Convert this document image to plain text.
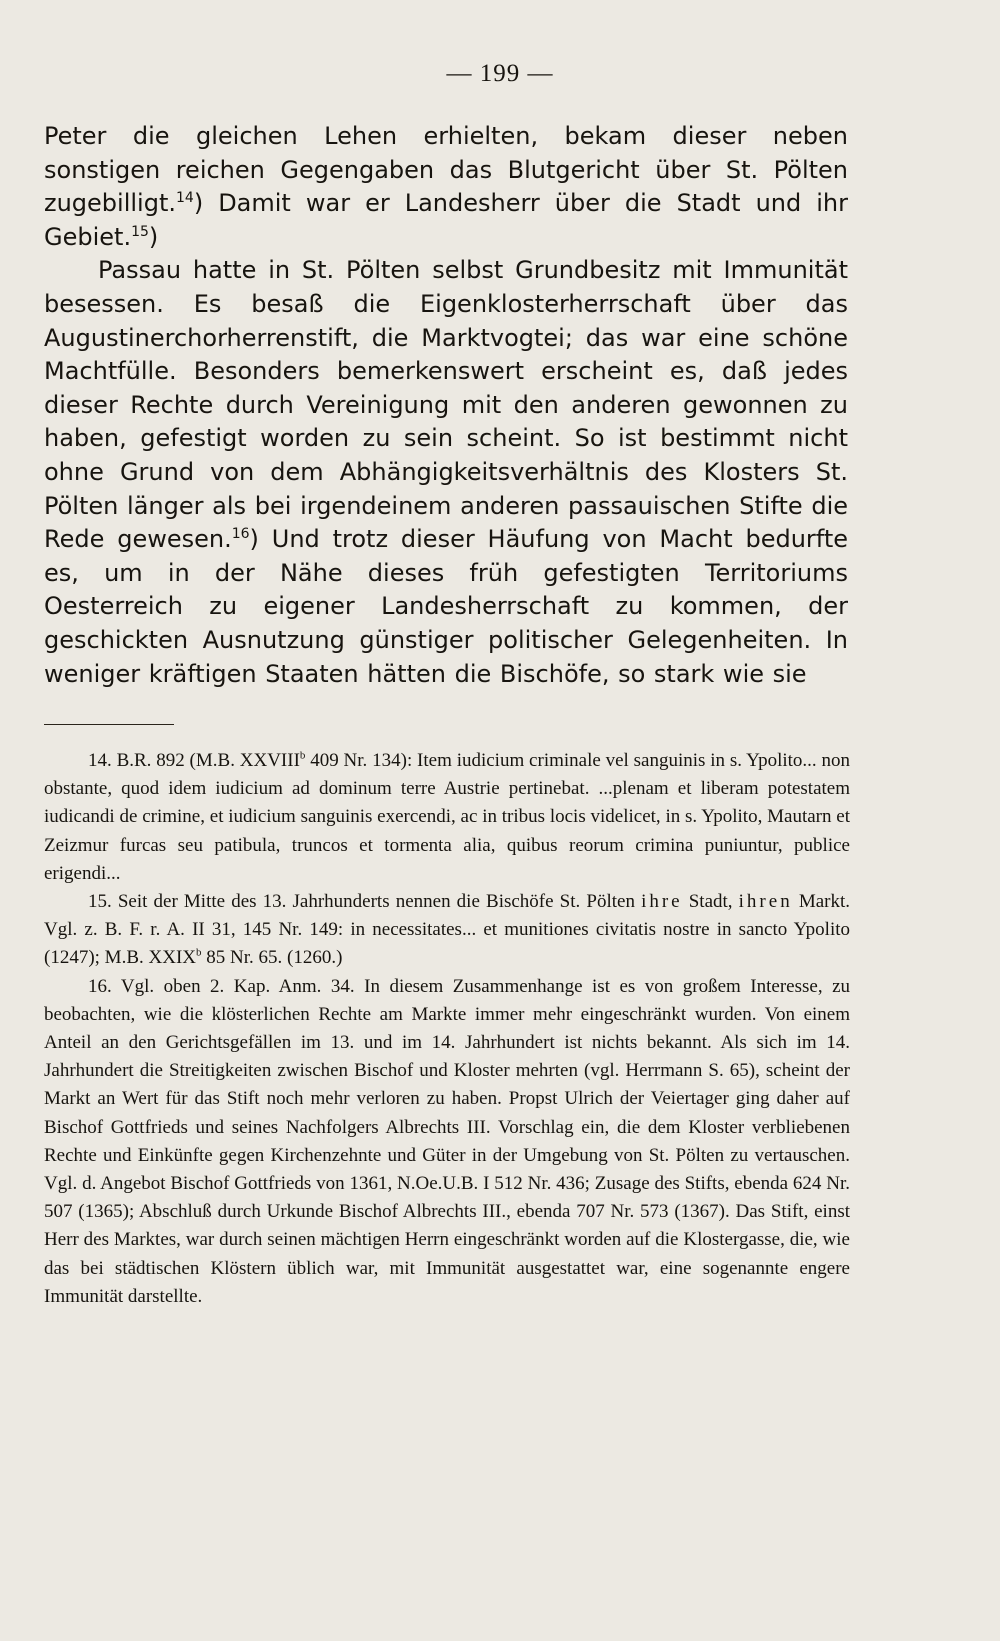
— 199 —

Peter die gleichen Lehen erhielten, bekam dieser neben sonstigen reichen Gegengaben das Blutgericht über St. Pölten zugebilligt.$^{14}$) Damit war er Landesherr über die Stadt und ihr Gebiet.$^{15}$)

Passau hatte in St. Pölten selbst Grundbesitz mit Immunität besessen. Es besaß die Eigenklosterherrschaft über das Augustinerchorherrenstift, die Marktvogtei; das war eine schöne Machtfülle. Besonders bemerkenswert erscheint es, daß jedes dieser Rechte durch Vereinigung mit den anderen gewonnen zu haben, gefestigt worden zu sein scheint. So ist bestimmt nicht ohne Grund von dem Abhängigkeitsverhältnis des Klosters St. Pölten länger als bei irgendeinem anderen passauischen Stifte die Rede gewesen.$^{16}$) Und trotz dieser Häufung von Macht bedurfte es, um in der Nähe dieses früh gefestigten Territoriums Oesterreich zu eigener Landesherrschaft zu kommen, der geschickten Ausnutzung günstiger politischer Gelegenheiten. In weniger kräftigen Staaten hätten die Bischöfe, so stark wie sie

14. B.R. 892 (M.B. XXVIII$^b$ 409 Nr. 134): Item iudicium criminale vel sanguinis in s. Ypolito... non obstante, quod idem iudicium ad dominum terre Austrie pertinebat. ...plenam et liberam potestatem iudicandi de crimine, et iudicium sanguinis exercendi, ac in tribus locis videlicet, in s. Ypolito, Mautarn et Zeizmur furcas seu patibula, truncos et tormenta alia, quibus reorum crimina puniuntur, publice erigendi...

15. Seit der Mitte des 13. Jahrhunderts nennen die Bischöfe St. Pölten ihre Stadt, ihren Markt. Vgl. z. B. F. r. A. II 31, 145 Nr. 149: in necessitates... et munitiones civitatis nostre in sancto Ypolito (1247); M.B. XXIX$^b$ 85 Nr. 65. (1260.)

16. Vgl. oben 2. Kap. Anm. 34. In diesem Zusammenhange ist es von großem Interesse, zu beobachten, wie die klösterlichen Rechte am Markte immer mehr eingeschränkt wurden. Von einem Anteil an den Gerichtsgefällen im 13. und im 14. Jahrhundert ist nichts bekannt. Als sich im 14. Jahrhundert die Streitigkeiten zwischen Bischof und Kloster mehrten (vgl. Herrmann S. 65), scheint der Markt an Wert für das Stift noch mehr verloren zu haben. Propst Ulrich der Veiertager ging daher auf Bischof Gottfrieds und seines Nachfolgers Albrechts III. Vorschlag ein, die dem Kloster verbliebenen Rechte und Einkünfte gegen Kirchenzehnte und Güter in der Umgebung von St. Pölten zu vertauschen. Vgl. d. Angebot Bischof Gottfrieds von 1361, N.Oe.U.B. I 512 Nr. 436; Zusage des Stifts, ebenda 624 Nr. 507 (1365); Abschluß durch Urkunde Bischof Albrechts III., ebenda 707 Nr. 573 (1367). Das Stift, einst Herr des Marktes, war durch seinen mächtigen Herrn eingeschränkt worden auf die Klostergasse, die, wie das bei städtischen Klöstern üblich war, mit Immunität ausgestattet war, eine sogenannte engere Immunität darstellte.
